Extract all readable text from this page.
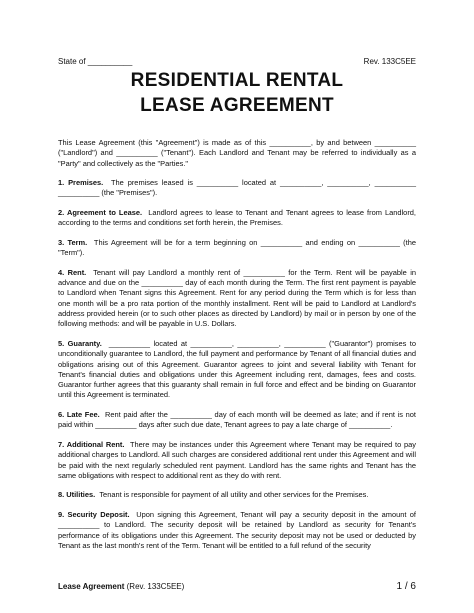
State of __________	Rev. 133C5EE
RESIDENTIAL RENTAL
LEASE AGREEMENT

This Lease Agreement (this "Agreement") is made as of this __________, by and between __________ ("Landlord") and __________ ("Tenant"). Each Landlord and Tenant may be referred to individually as a "Party" and collectively as the "Parties."

1. Premises. The premises leased is __________ located at __________, __________, __________ __________ (the "Premises").

2. Agreement to Lease. Landlord agrees to lease to Tenant and Tenant agrees to lease from Landlord, according to the terms and conditions set forth herein, the Premises.

3. Term. This Agreement will be for a term beginning on __________ and ending on __________ (the "Term").

4. Rent. Tenant will pay Landlord a monthly rent of __________ for the Term. Rent will be payable in advance and due on the __________ day of each month during the Term. The first rent payment is payable to Landlord when Tenant signs this Agreement. Rent for any period during the Term which is for less than one month will be a pro rata portion of the monthly installment. Rent will be paid to Landlord at Landlord's address provided herein (or to such other places as directed by Landlord) by mail or in person by one of the following methods: and will be payable in U.S. Dollars.

5. Guaranty. __________ located at __________, __________, __________ ("Guarantor") promises to unconditionally guarantee to Landlord, the full payment and performance by Tenant of all financial duties and obligations arising out of this Agreement. Guarantor agrees to joint and several liability with Tenant for Tenant's financial duties and obligations under this Agreement including rent, damages, fees and costs. Guarantor further agrees that this guaranty shall remain in full force and effect and be binding on Guarantor until this Agreement is terminated.

6. Late Fee. Rent paid after the __________ day of each month will be deemed as late; and if rent is not paid within __________ days after such due date, Tenant agrees to pay a late charge of __________.

7. Additional Rent. There may be instances under this Agreement where Tenant may be required to pay additional charges to Landlord. All such charges are considered additional rent under this Agreement and will be paid with the next regularly scheduled rent payment. Landlord has the same rights and Tenant has the same obligations with respect to additional rent as they do with rent.

8. Utilities. Tenant is responsible for payment of all utility and other services for the Premises.

9. Security Deposit. Upon signing this Agreement, Tenant will pay a security deposit in the amount of __________ to Landlord. The security deposit will be retained by Landlord as security for Tenant's performance of its obligations under this Agreement. The security deposit may not be used or deducted by Tenant as the last month's rent of the Term. Tenant will be entitled to a full refund of the security

Lease Agreement (Rev. 133C5EE)	1 / 6
